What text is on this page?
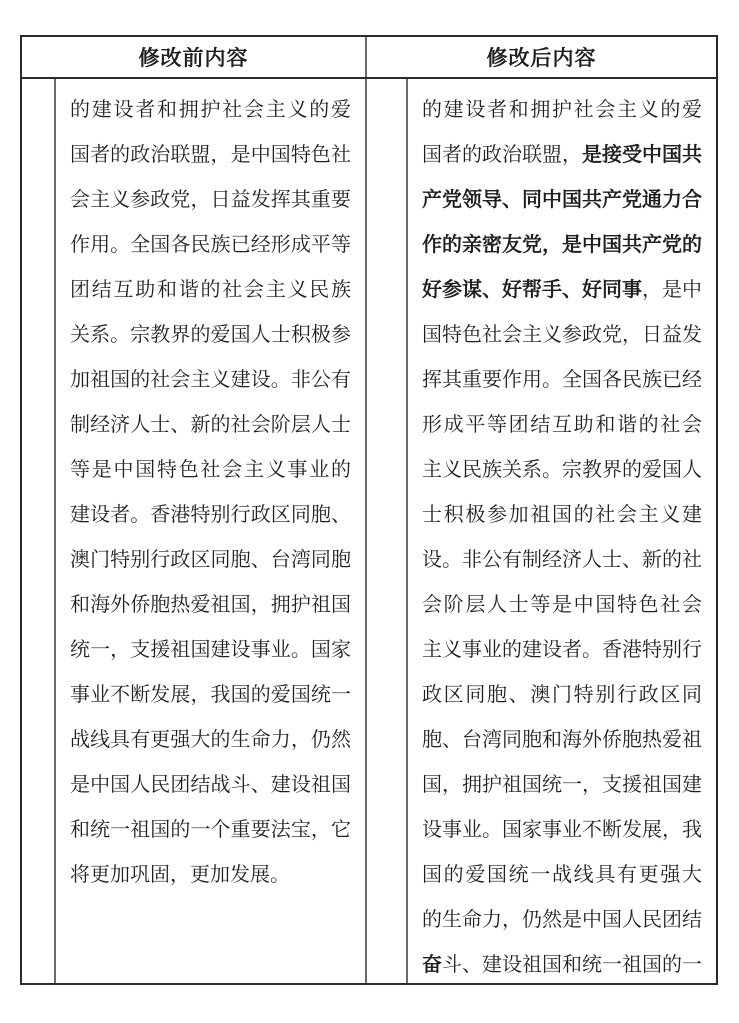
修改前内容	修改后内容
的建设者和拥护社会主义的爱
国者的政治联盟，是中国特色社
会主义参政党，日益发挥其重要
作用。全国各民族已经形成平等
团结互助和谐的社会主义民族
关系。宗教界的爱国人士积极参
加祖国的社会主义建设。非公有
制经济人士、新的社会阶层人士
等是中国特色社会主义事业的
建设者。香港特别行政区同胞、
澳门特别行政区同胞、台湾同胞
和海外侨胞热爱祖国，拥护祖国
统一，支援祖国建设事业。国家
事业不断发展，我国的爱国统一
战线具有更强大的生命力，仍然
是中国人民团结战斗、建设祖国
和统一祖国的一个重要法宝，它
将更加巩固，更加发展。
的建设者和拥护社会主义的爱
国者的政治联盟，是接受中国共
产党领导、同中国共产党通力合
作的亲密友党，是中国共产党的
好参谋、好帮手、好同事，是中
国特色社会主义参政党，日益发
挥其重要作用。全国各民族已经
形成平等团结互助和谐的社会
主义民族关系。宗教界的爱国人
士积极参加祖国的社会主义建
设。非公有制经济人士、新的社
会阶层人士等是中国特色社会
主义事业的建设者。香港特别行
政区同胞、澳门特别行政区同
胞、台湾同胞和海外侨胞热爱祖
国，拥护祖国统一，支援祖国建
设事业。国家事业不断发展，我
国的爱国统一战线具有更强大
的生命力，仍然是中国人民团结
奋斗、建设祖国和统一祖国的一
